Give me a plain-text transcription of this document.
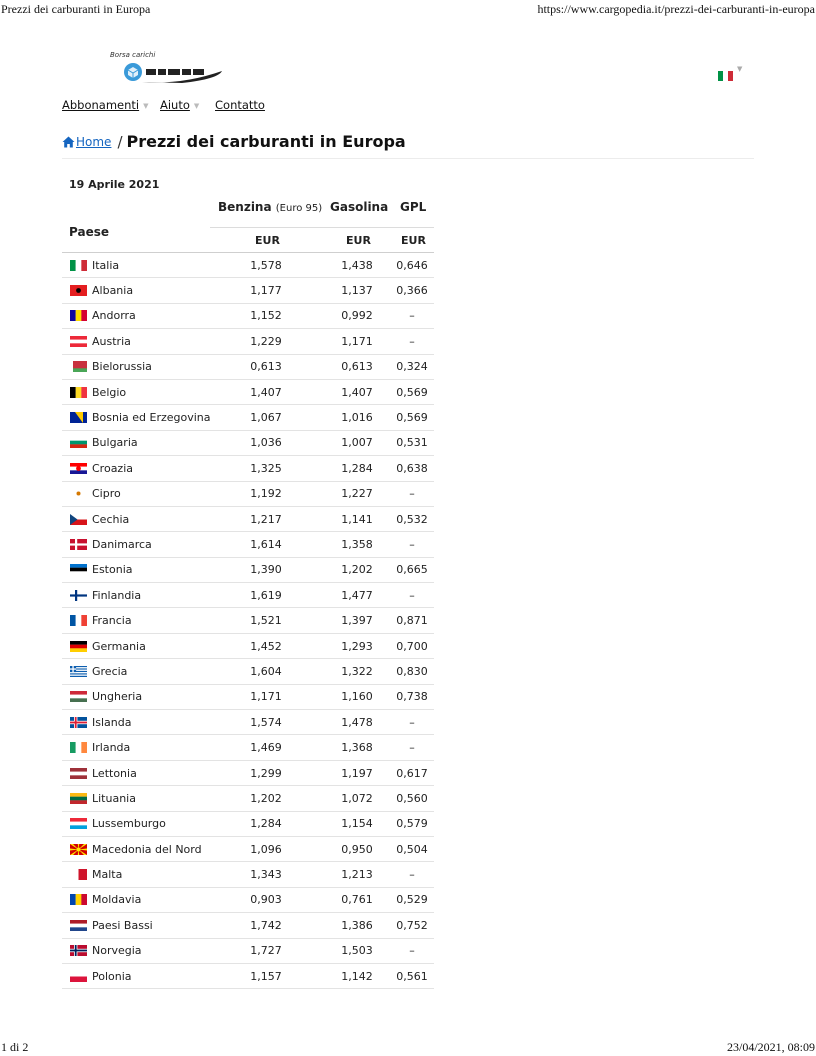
Prezzi dei carburanti in Europa	https://www.cargopedia.it/prezzi-dei-carburanti-in-europa
Borsa carichi
▼
Abbonamenti ▼ Aiuto ▼ Contatto
Home / Prezzi dei carburanti in Europa
19 Aprile 2021
Benzina (Euro 95) Gasolina GPL
Paese
EUR	EUR	EUR
Italia	1,578	1,438	0,646
Albania	1,177	1,137	0,366
Andorra	1,152	0,992	–
Austria	1,229	1,171	–
Bielorussia	0,613	0,613	0,324
Belgio	1,407	1,407	0,569
Bosnia ed Erzegovina	1,067	1,016	0,569
Bulgaria	1,036	1,007	0,531
Croazia	1,325	1,284	0,638
Cipro	1,192	1,227	–
Cechia	1,217	1,141	0,532
Danimarca	1,614	1,358	–
Estonia	1,390	1,202	0,665
Finlandia	1,619	1,477	–
Francia	1,521	1,397	0,871
Germania	1,452	1,293	0,700
Grecia	1,604	1,322	0,830
Ungheria	1,171	1,160	0,738
Islanda	1,574	1,478	–
Irlanda	1,469	1,368	–
Lettonia	1,299	1,197	0,617
Lituania	1,202	1,072	0,560
Lussemburgo	1,284	1,154	0,579
Macedonia del Nord	1,096	0,950	0,504
Malta	1,343	1,213	–
Moldavia	0,903	0,761	0,529
Paesi Bassi	1,742	1,386	0,752
Norvegia	1,727	1,503	–
Polonia	1,157	1,142	0,561
1 di 2	23/04/2021, 08:09
